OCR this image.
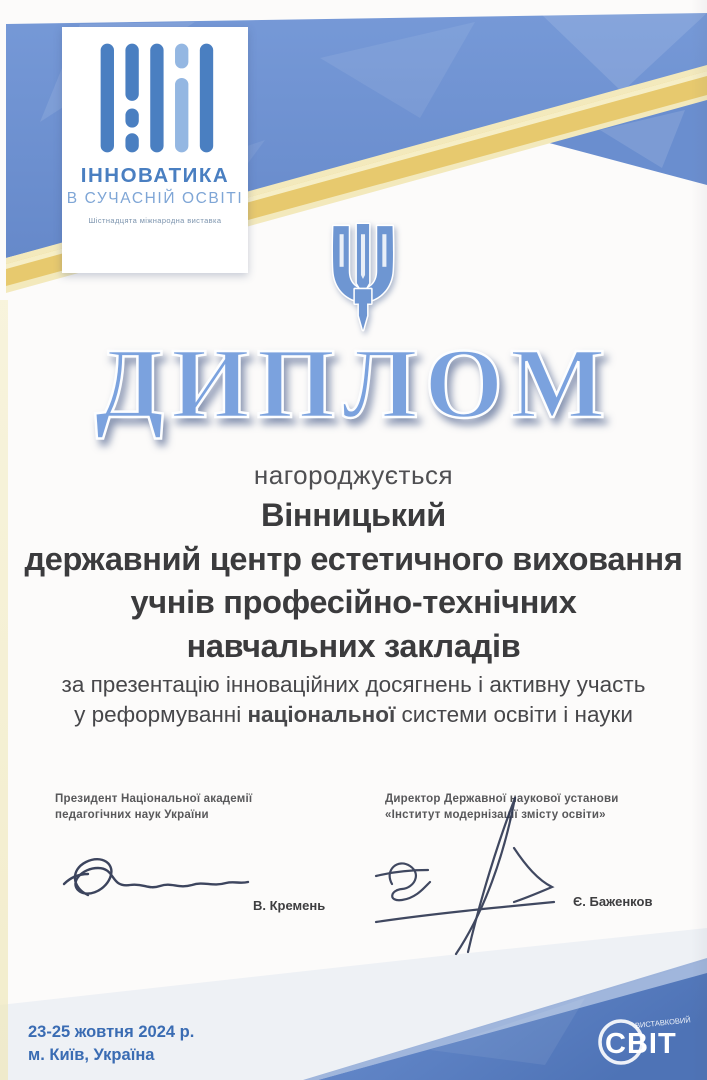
ІННОВАТИКА
В СУЧАСНІЙ ОСВІТІ
Шістнадцята міжнародна виставка
ДИПЛОМ
нагороджується
Вінницький
державний центр естетичного виховання
учнів професійно-технічних
навчальних закладів
за презентацію інноваційних досягнень і активну участь
у реформуванні національної системи освіти і науки
Президент Національної академії
педагогічних наук України
Директор Державної наукової установи
«Інститут модернізації змісту освіти»
В. Кремень	Є. Баженков
23-25 жовтня 2024 р.
м. Київ, Україна
ВИСТАВКОВИЙ
СВІТ
